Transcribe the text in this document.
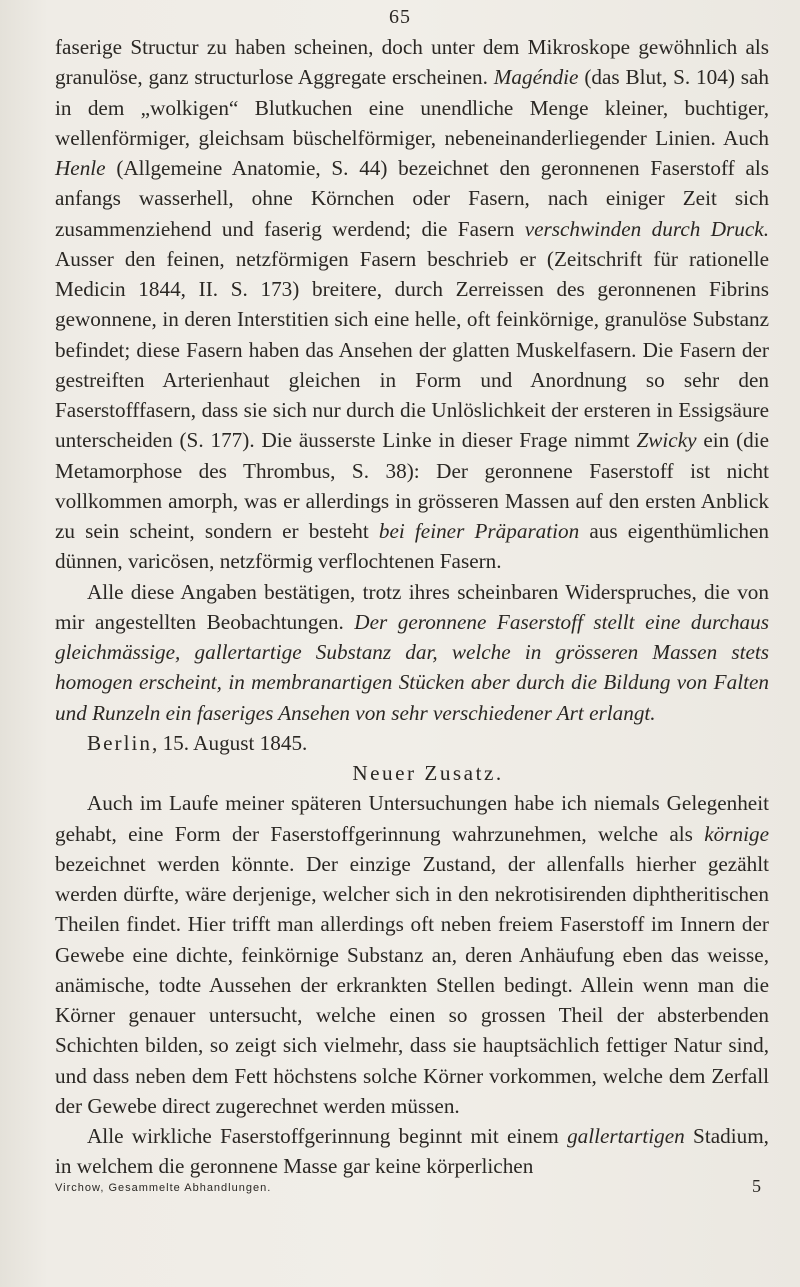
65

faserige Structur zu haben scheinen, doch unter dem Mikroskope gewöhnlich als granulöse, ganz structurlose Aggregate erscheinen. Magéndie (das Blut, S. 104) sah in dem „wolkigen“ Blutkuchen eine unendliche Menge kleiner, buchtiger, wellenförmiger, gleichsam büschelförmiger, nebeneinanderliegender Linien. Auch Henle (Allgemeine Anatomie, S. 44) bezeichnet den geronnenen Faserstoff als anfangs wasserhell, ohne Körnchen oder Fasern, nach einiger Zeit sich zusammenziehend und faserig werdend; die Fasern verschwinden durch Druck. Ausser den feinen, netzförmigen Fasern beschrieb er (Zeitschrift für rationelle Medicin 1844, II. S. 173) breitere, durch Zerreissen des geronnenen Fibrins gewonnene, in deren Interstitien sich eine helle, oft feinkörnige, granulöse Substanz befindet; diese Fasern haben das Ansehen der glatten Muskelfasern. Die Fasern der gestreiften Arterienhaut gleichen in Form und Anordnung so sehr den Faserstofffasern, dass sie sich nur durch die Unlöslichkeit der ersteren in Essigsäure unterscheiden (S. 177). Die äusserste Linke in dieser Frage nimmt Zwicky ein (die Metamorphose des Thrombus, S. 38): Der geronnene Faserstoff ist nicht vollkommen amorph, was er allerdings in grösseren Massen auf den ersten Anblick zu sein scheint, sondern er besteht bei feiner Präparation aus eigenthümlichen dünnen, varicösen, netzförmig verflochtenen Fasern.

Alle diese Angaben bestätigen, trotz ihres scheinbaren Widerspruches, die von mir angestellten Beobachtungen. Der geronnene Faserstoff stellt eine durchaus gleichmässige, gallertartige Substanz dar, welche in grösseren Massen stets homogen erscheint, in membranartigen Stücken aber durch die Bildung von Falten und Runzeln ein faseriges Ansehen von sehr verschiedener Art erlangt.

Berlin, 15. August 1845.

Neuer Zusatz.

Auch im Laufe meiner späteren Untersuchungen habe ich niemals Gelegenheit gehabt, eine Form der Faserstoffgerinnung wahrzunehmen, welche als körnige bezeichnet werden könnte. Der einzige Zustand, der allenfalls hierher gezählt werden dürfte, wäre derjenige, welcher sich in den nekrotisirenden diphtheritischen Theilen findet. Hier trifft man allerdings oft neben freiem Faserstoff im Innern der Gewebe eine dichte, feinkörnige Substanz an, deren Anhäufung eben das weisse, anämische, todte Aussehen der erkrankten Stellen bedingt. Allein wenn man die Körner genauer untersucht, welche einen so grossen Theil der absterbenden Schichten bilden, so zeigt sich vielmehr, dass sie hauptsächlich fettiger Natur sind, und dass neben dem Fett höchstens solche Körner vorkommen, welche dem Zerfall der Gewebe direct zugerechnet werden müssen.

Alle wirkliche Faserstoffgerinnung beginnt mit einem gallertartigen Stadium, in welchem die geronnene Masse gar keine körperlichen

Virchow, Gesammelte Abhandlungen.	5
